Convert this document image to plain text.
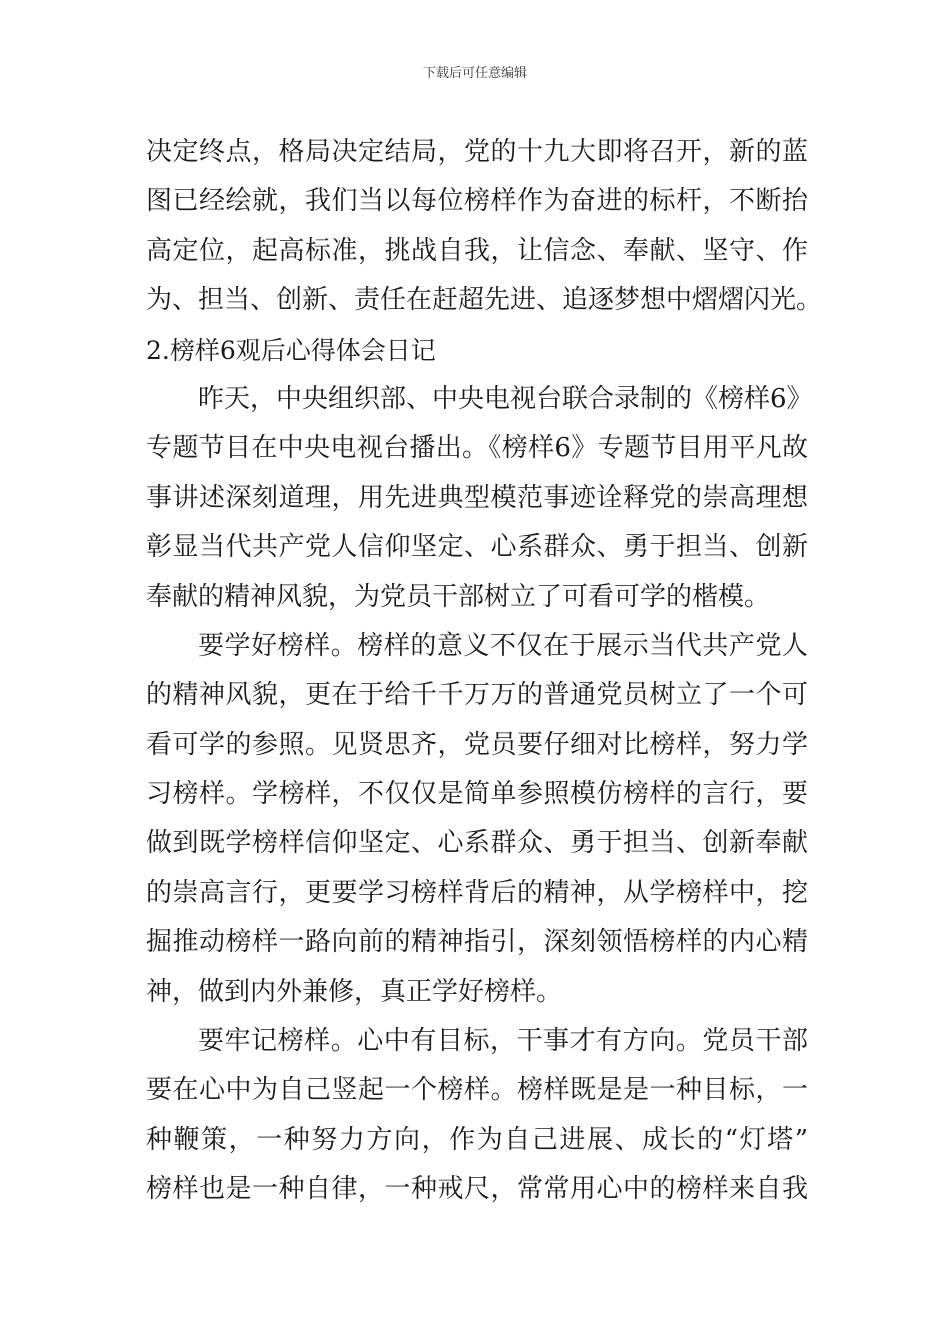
下载后可任意编辑
决定终点，格局决定结局，党的十九大即将召开，新的蓝
图已经绘就，我们当以每位榜样作为奋进的标杆，不断抬
高定位，起高标准，挑战自我，让信念、奉献、坚守、作
为、担当、创新、责任在赶超先进、追逐梦想中熠熠闪光。
2.榜样6观后心得体会日记
昨天，中央组织部、中央电视台联合录制的《榜样6》
专题节目在中央电视台播出。《榜样6》专题节目用平凡故
事讲述深刻道理，用先进典型模范事迹诠释党的崇高理想
彰显当代共产党人信仰坚定、心系群众、勇于担当、创新
奉献的精神风貌，为党员干部树立了可看可学的楷模。
要学好榜样。榜样的意义不仅在于展示当代共产党人
的精神风貌，更在于给千千万万的普通党员树立了一个可
看可学的参照。见贤思齐，党员要仔细对比榜样，努力学
习榜样。学榜样，不仅仅是简单参照模仿榜样的言行，要
做到既学榜样信仰坚定、心系群众、勇于担当、创新奉献
的崇高言行，更要学习榜样背后的精神，从学榜样中，挖
掘推动榜样一路向前的精神指引，深刻领悟榜样的内心精
神，做到内外兼修，真正学好榜样。
要牢记榜样。心中有目标，干事才有方向。党员干部
要在心中为自己竖起一个榜样。榜样既是是一种目标，一
种鞭策，一种努力方向，作为自己进展、成长的“灯塔”
榜样也是一种自律，一种戒尺，常常用心中的榜样来自我
